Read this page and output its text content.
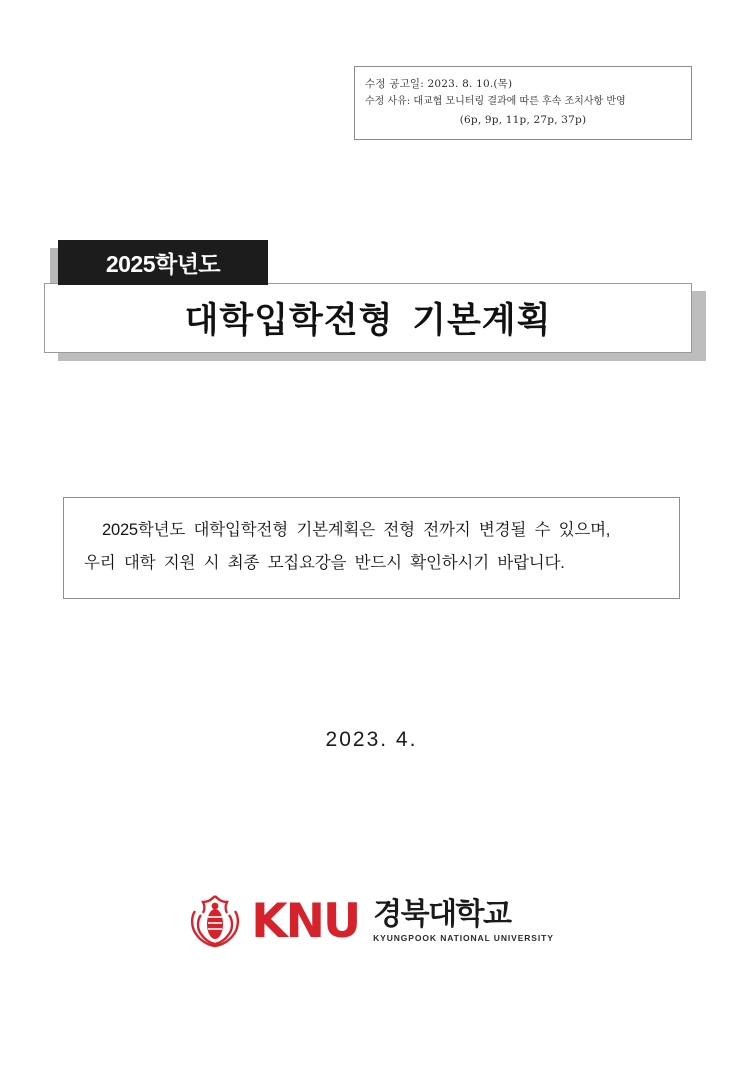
수정 공고일: 2023. 8. 10.(목)
수정 사유: 대교협 모니터링 결과에 따른 후속 조치사항 반영
(6p, 9p, 11p, 27p, 37p)
대학입학전형 기본계획
2025학년도
2025학년도 대학입학전형 기본계획은 전형 전까지 변경될 수 있으며,
우리 대학 지원 시 최종 모집요강을 반드시 확인하시기 바랍니다.
2023. 4.
KNU 경북대학교
KYUNGPOOK NATIONAL UNIVERSITY
